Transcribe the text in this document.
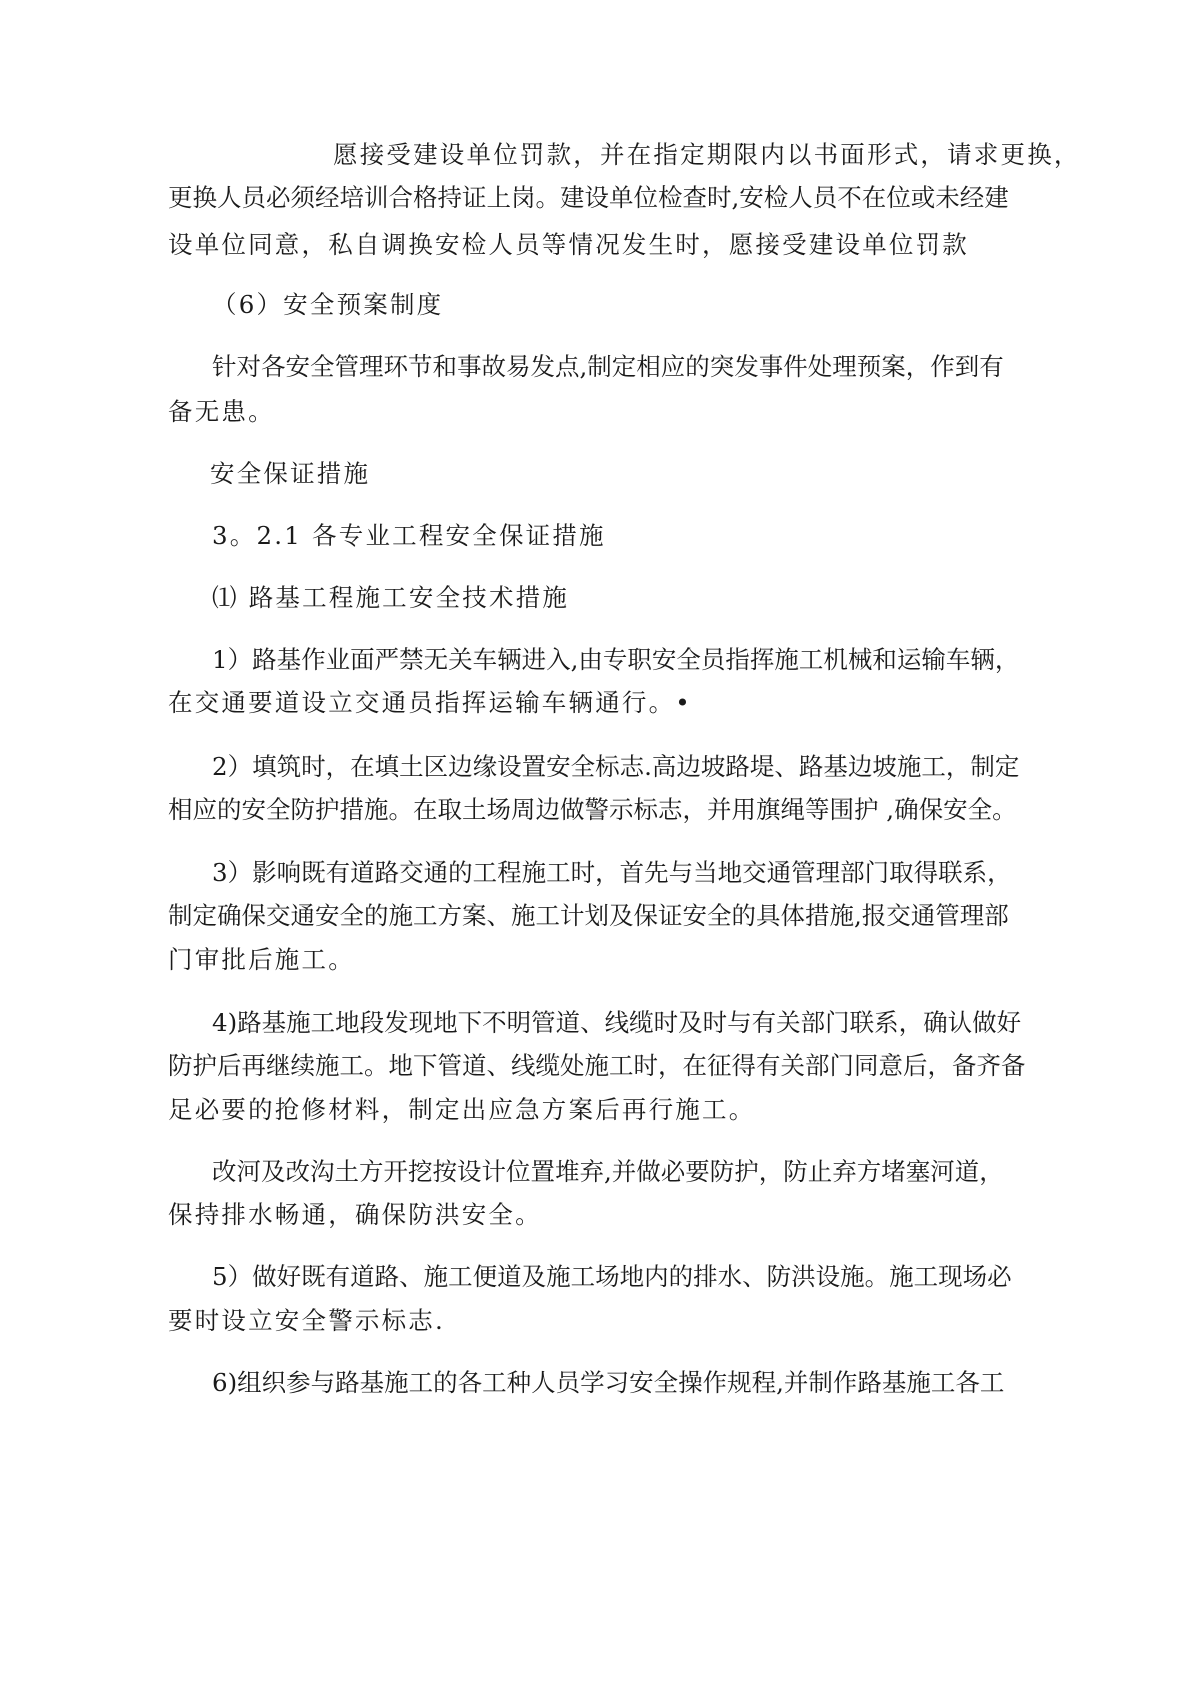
愿接受建设单位罚款，并在指定期限内以书面形式，请求更换，
更换人员必须经培训合格持证上岗。建设单位检查时,安检人员不在位或未经建
设单位同意，私自调换安检人员等情况发生时，愿接受建设单位罚款
（6）安全预案制度
针对各安全管理环节和事故易发点,制定相应的突发事件处理预案，作到有
备无患。
安全保证措施
3。2.1 各专业工程安全保证措施
⑴ 路基工程施工安全技术措施
1）路基作业面严禁无关车辆进入,由专职安全员指挥施工机械和运输车辆，
在交通要道设立交通员指挥运输车辆通行。•
2）填筑时，在填土区边缘设置安全标志.高边坡路堤、路基边坡施工，制定
相应的安全防护措施。在取土场周边做警示标志，并用旗绳等围护 ,确保安全。
3）影响既有道路交通的工程施工时，首先与当地交通管理部门取得联系，
制定确保交通安全的施工方案、施工计划及保证安全的具体措施,报交通管理部
门审批后施工。
4)路基施工地段发现地下不明管道、线缆时及时与有关部门联系，确认做好
防护后再继续施工。地下管道、线缆处施工时，在征得有关部门同意后，备齐备
足必要的抢修材料，制定出应急方案后再行施工。
改河及改沟土方开挖按设计位置堆弃,并做必要防护，防止弃方堵塞河道，
保持排水畅通，确保防洪安全。
5）做好既有道路、施工便道及施工场地内的排水、防洪设施。施工现场必
要时设立安全警示标志.
6)组织参与路基施工的各工种人员学习安全操作规程,并制作路基施工各工
